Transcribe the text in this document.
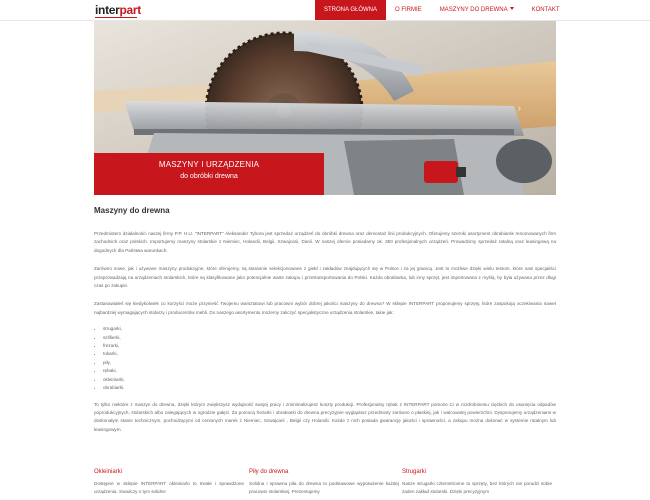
interpart	STRONA GŁÓWNA	O FIRMIE	MASZYNY DO DREWNA	KONTAKT
›
MASZYNY I URZĄDZENIA
do obróbki drewna
Maszyny do drewna

Przedmiotem działalności naszej firmy P.P. H.U. "INTERPART" Aleksander Tybora jest sprzedaż urządzeń do obróbki drewna oraz demontaż linii produkcyjnych. Oferujemy szeroki asortyment obrabiarek renomowanych firm zachodnich oraz polskich. Importujemy maszyny stolarskie z Niemiec, Holandii, Belgii, Szwajcarii, Danii. W naszej ofercie posiadamy ok. 350 profesjonalnych urządzeń. Prowadzimy sprzedaż ratalną oraz leasingową na dogodnych dla Państwa warunkach.

Zarówno nowe, jak i używane maszyny produkcyjne, które oferujemy, są starannie selekcjonowane z giełd i zakładów znajdujących się w Polsce i za jej granicą. Jest to możliwe dzięki wielu testom, które nasi specjaliści przeprowadzają na urządzeniach stolarskich, które są klasyfikowane jako potencjalnie warte zakupu i przetransportowania do Polski. Każda obrabiarka, lub inny sprzęt, jest importowana z myślą, by była używana przez długi czas po zakupie.

Zastanawiałeś się kiedykolwiek co korzyści może przynieść Twojemu warsztatowi lub pracowni wybór dobrej jakości maszyny do drewna? W sklepie INTERPART proponujemy sprzęty, które zaspokoją oczekiwania nawet najbardziej wymagających stolarzy i producentów mebli. Do naszego asortymentu możemy zaliczyć specjalistyczne urządzenia stolarskie, takie jak:

• strugarki,
• szlifierki,
• frezarki,
• tokarki,
• piły,
• rębaki,
• okleiniarki,
• obrabiarki.

To tylko niektóre z maszyn do drewna, dzięki którym zwiększysz wydajność swojej pracy i zminimalizujesz koszty produkcji. Profesjonalny rębak z INTERPART pomoże Ci w rozdrobnieniu ciężkich do usunięcia odpadów poprodukcyjnych, stolarskich albo zalegających w ogrodzie gałęzi. Za pomocą frezarki i obrabiarki do drewna precyzyjnie wyglądosz przedmioty zarówno o płaskiej, jak i walcowatej powierzchni. Dysponujemy urządzeniami w doskonałym stanie technicznym, pochodzącymi od cenionych marek z Niemiec, Szwajcarii , Belgii czy Holandii. Każde z nich posiada gwarancję jakości i sprawności, a zakupu można dokonać w systemie ratalnym lub leasingowym.

Okleiniarki

Dostępne w sklepie INTERPART okleiniarki to trwałe i sprawdzone urządzenia. Swadczy o tym solidne

Piły do drewna

Solidna i sprawna piła do drewna to podstawowe wyposażenie każdej pracowni stolarskiej. Prezentujemy

Strugarki

Nasze strugarki czterostronne to sprzęty, bez których nie poradzi sobie żaden zakład stolarski. Dzięki precyzyjnym
